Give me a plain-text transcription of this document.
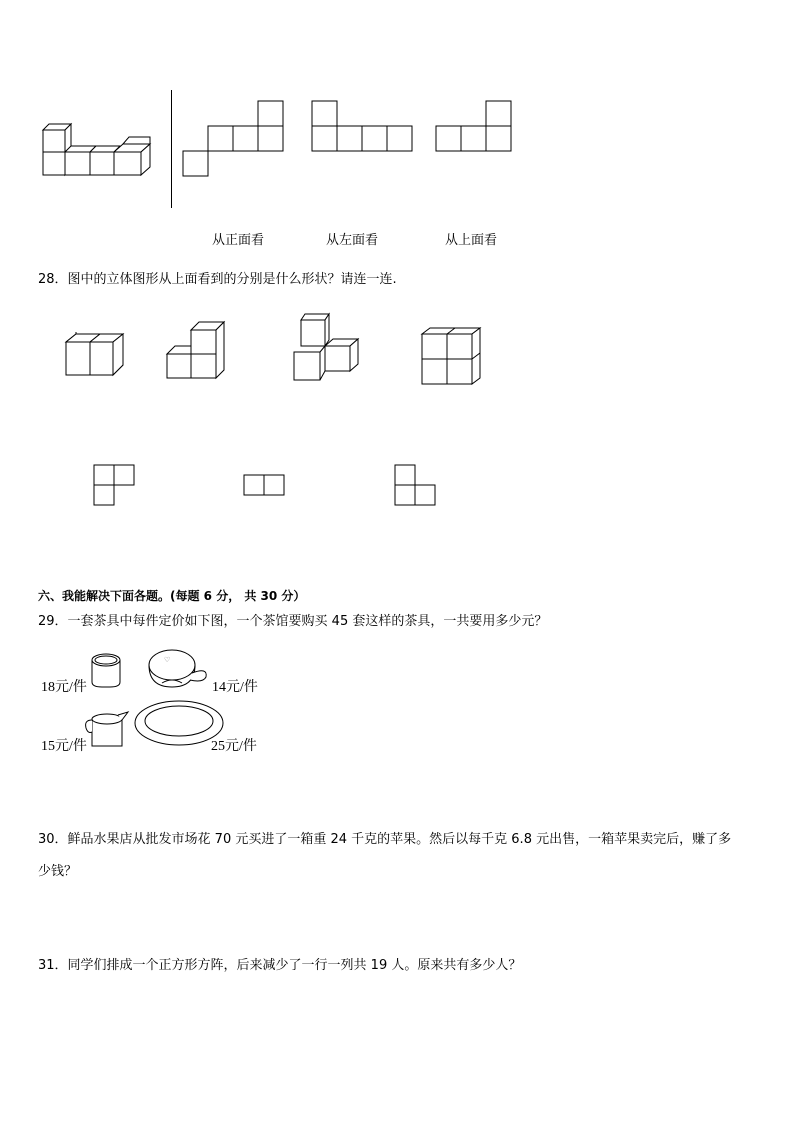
从正面看	从左面看	从上面看
28．图中的立体图形从上面看到的分别是什么形状？请连一连.
六、我能解决下面各题。(每题 6 分， 共 30 分）
29．一套茶具中每件定价如下图，一个茶馆要购买 45 套这样的茶具，一共要用多少元？
18元/件
♡
14元/件
15元/件	25元/件
30．鲜品水果店从批发市场花 70 元买进了一箱重 24 千克的苹果。然后以每千克 6.8 元出售，一箱苹果卖完后，赚了多
少钱？
31．同学们排成一个正方形方阵，后来减少了一行一列共 19 人。原来共有多少人？
